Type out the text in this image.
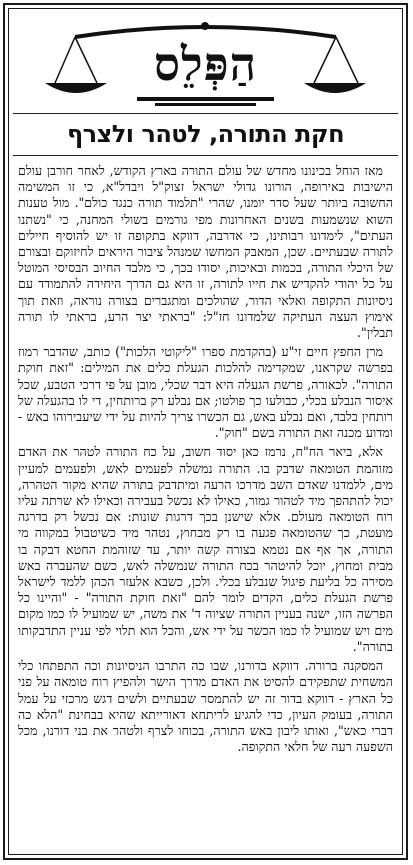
הַפְּלֵס
חקת התורה, לטהר ולצרף

מאז הוחל בכינונו מחדש של עולם התורה בארץ הקודש, לאחר חורבן עולם הישיבות באירופה, הורונו גדולי ישראל זצוק"ל ויבדל"א, כי זו המשימה החשובה ביותר שעל סדר יומנו, שהרי "תלמוד תורה כנגד כולם". מול טענות השוא שנשמעות בשנים האחרונות מפי גורמים בשולי המחנה, כי "נשתנו העתים", לימדונו רבותינו, כי אדרבה, דווקא בתקופה זו יש להוסיף חיילים לתורה שבעתיים. שכן, המאבק המחשו שמנהל ציבור היראים לחיזוקם ובצורם של היכלי התורה, בכמות ובאיכות, יסודו בכך, כי מלבד החיוב הבסיסי המוטל על כל יהודי להקדיש את חייו לתורה, זו היא גם הדרך היחידה להתמודד עם ניסיונות התקופה ואלאי הדור, שהולכים ומתגברים בצורה נוראה, וזאת תוך אימוץ העצה העתיקה שלמדונו חז"ל: "בראתי יצר הרע, בראתי לו תורה תבלין".

מרן החפץ חיים זי"ע (בהקדמת ספרו "ליקוטי הלכות") כותב, שהדבר רמוז בפרשה שקראנו, שמקדימה להלכות הגעלת כלים את המילים: "זאת חוקת התורה". לכאורה, פרשת הגעלה היא דבר שכלי, מובן על פי דרכי הטבע, שכל איסור הנבלע בכלי, כבולעו כך פולטו; אם נבלע רק ברותחין, די לו בהגעלה של רותחין בלבד, ואם נבלע באש, גם הכשרו צריך להיות על ידי שיעבירוהו באש - ומדוע מכנה זאת התורה בשם "חוק".

אלא, ביאר הח"ח, נרמז כאן יסוד חשוב, על כח התורה לטהר את האדם מזוהמת הטומאה שדבק בו. התורה נמשלה לפעמים לאש, ולפעמים למעיין מים, ללמדנו שאדם השב מדרכו הרעה ומיתדבק בתורה שהיא מקור הטהרה, יכול להתהפך מיד לטהור גמור, כאילו לא נכשל בעבירה וכאילו לא שרתה עליו רוח הטומאה מעולם. אלא שישנן בכך דרגות שונות: אם נכשל רק בדרגה מועטת, כך שהטומאה פגעה בו רק מבחוץ, נטהר מיד כשיטבול במקווה מי התורה, אך אף אם נטמא בצורה קשה יותר, עד שזוהמת החטא דבקה בו מבית ומחוץ, יוכל להיטהר בכח התורה שנמשלה לאש, כשם שהעברה באש מסירה כל בליעת פיגול שנבלע בכלי. ולכן, כשבא אלעזר הכהן ללמד לישראל פרשת הגעלת כלים, הקדים לומר להם "זאת חוקת התורה" - "והיינו כל הפרשה הזו, ישנה בעניין התורה שציוה ד' את משה, יש שמועיל לו כמו מקום מים ויש שמועיל לו כמו הכשר על ידי אש, והכל הוא תלוי לפי עניין התדבקותו בתורה".

המסקנה ברורה. דווקא בדורנו, שבו כה התרבו הניסיונות וכה התפתחו כלי המשחית שתפקידם להסיט את האדם מדרך הישר ולהפיץ רוח טומאה על פני כל הארץ - דווקא בדור זה יש להתמסר שבעתיים ולשים דגש מרכזי על עמל התורה, בעומק העיון, כדי להגיע לריתחא דאורייתא שהיא בבחינת "הלא כה דברי כאש", ואותו ליבון באש התורה, בכוחו לצרף ולטהר את בני דורנו, מכל השפעה רעה של חלאי התקופה.
